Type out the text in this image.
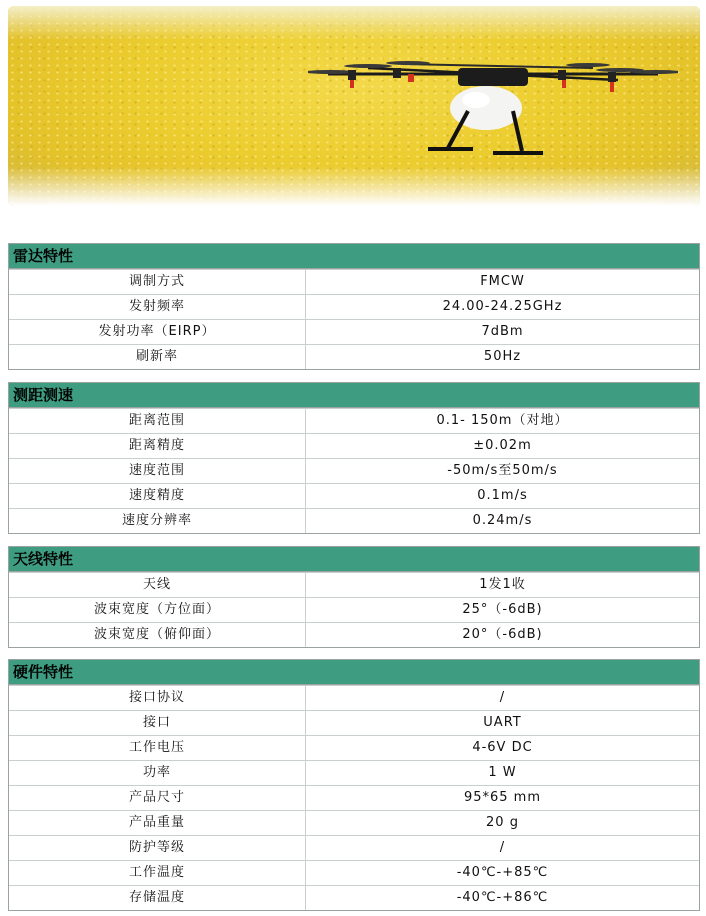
雷达特性
调制方式	FMCW
发射频率	24.00-24.25GHz
发射功率（EIRP）	7dBm
刷新率	50Hz
测距测速
距离范围	0.1- 150m（对地）
距离精度	±0.02m
速度范围	-50m/s至50m/s
速度精度	0.1m/s
速度分辨率	0.24m/s
天线特性
天线	1发1收
波束宽度（方位面）	25°（-6dB)
波束宽度（俯仰面）	20°（-6dB)
硬件特性
接口协议	/
接口	UART
工作电压	4-6V DC
功率	1 W
产品尺寸	95*65 mm
产品重量	20 g
防护等级	/
工作温度	-40℃-+85℃
存储温度	-40℃-+86℃
